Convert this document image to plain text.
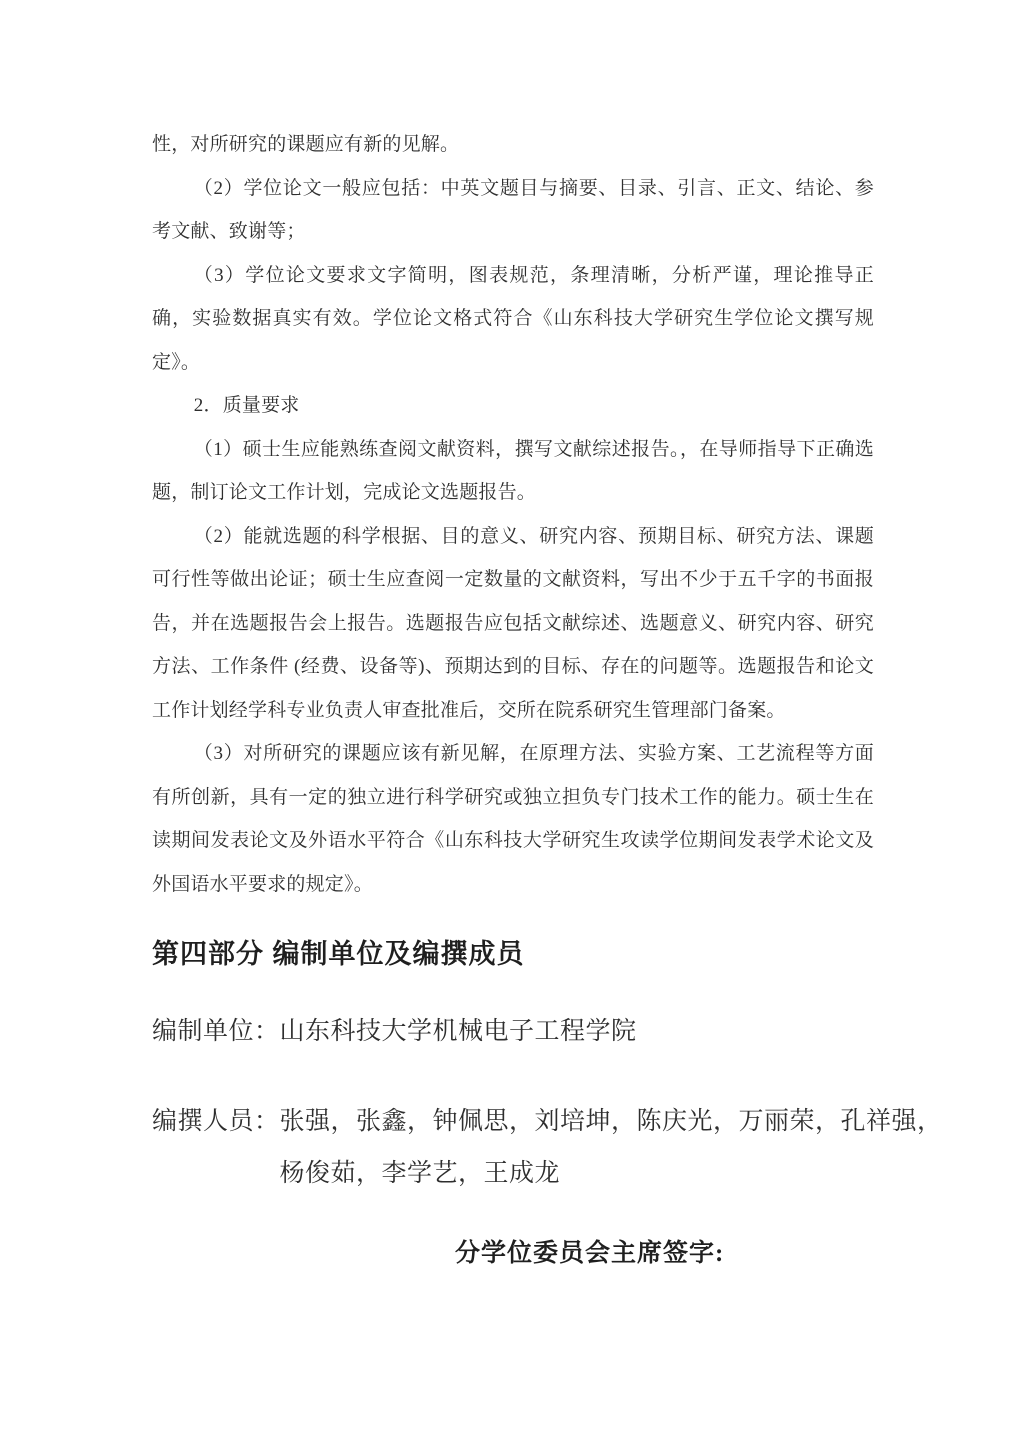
性，对所研究的课题应有新的见解。

（2）学位论文一般应包括：中英文题目与摘要、目录、引言、正文、结论、参考文献、致谢等；

（3）学位论文要求文字简明，图表规范，条理清晰，分析严谨，理论推导正确，实验数据真实有效。学位论文格式符合《山东科技大学研究生学位论文撰写规定》。

2．质量要求

（1）硕士生应能熟练查阅文献资料，撰写文献综述报告。，在导师指导下正确选题，制订论文工作计划，完成论文选题报告。

（2）能就选题的科学根据、目的意义、研究内容、预期目标、研究方法、课题可行性等做出论证；硕士生应查阅一定数量的文献资料，写出不少于五千字的书面报告，并在选题报告会上报告。选题报告应包括文献综述、选题意义、研究内容、研究方法、工作条件 (经费、设备等)、预期达到的目标、存在的问题等。选题报告和论文工作计划经学科专业负责人审查批准后，交所在院系研究生管理部门备案。

（3）对所研究的课题应该有新见解，在原理方法、实验方案、工艺流程等方面有所创新，具有一定的独立进行科学研究或独立担负专门技术工作的能力。硕士生在读期间发表论文及外语水平符合《山东科技大学研究生攻读学位期间发表学术论文及外国语水平要求的规定》。

第四部分 编制单位及编撰成员
编制单位：山东科技大学机械电子工程学院
编撰人员： 张强，张鑫，钟佩思，刘培坤，陈庆光，万丽荣，孔祥强，
杨俊茹，李学艺，王成龙
分学位委员会主席签字:
